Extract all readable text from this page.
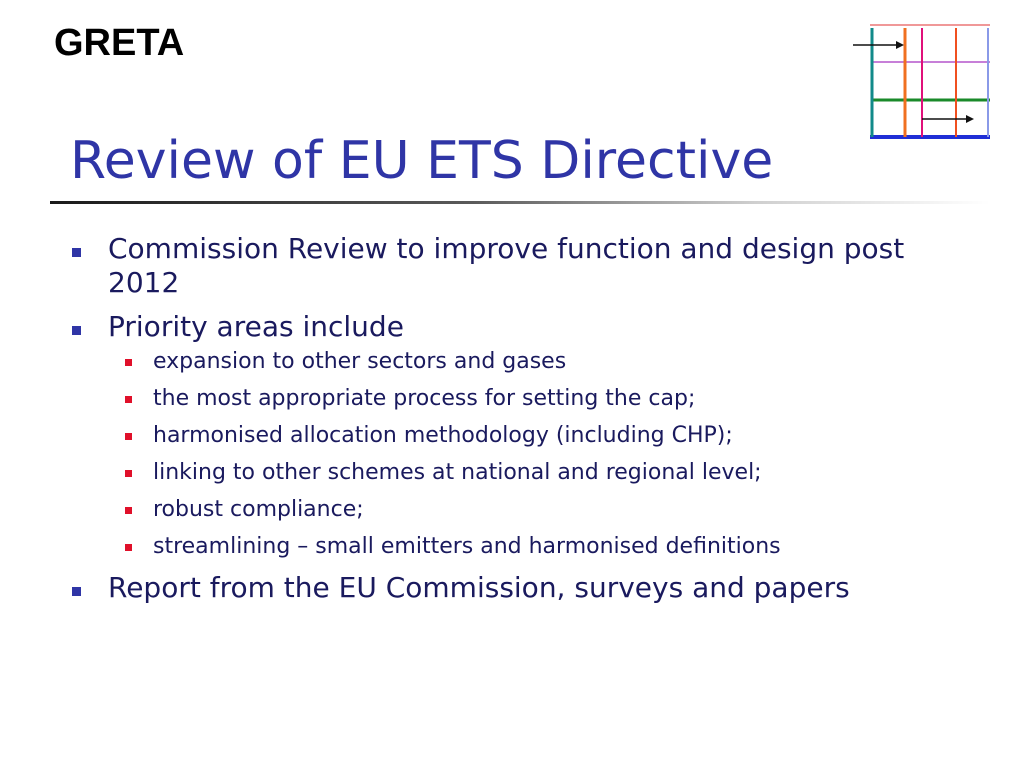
GRETA
Review of EU ETS Directive
Commission Review to improve function and design post 2012
Priority areas include
expansion to other sectors and gases
the most appropriate process for setting the cap;
harmonised allocation methodology (including CHP);
linking to other schemes at national and regional level;
robust compliance;
streamlining – small emitters and harmonised definitions
Report from the EU Commission, surveys and papers
